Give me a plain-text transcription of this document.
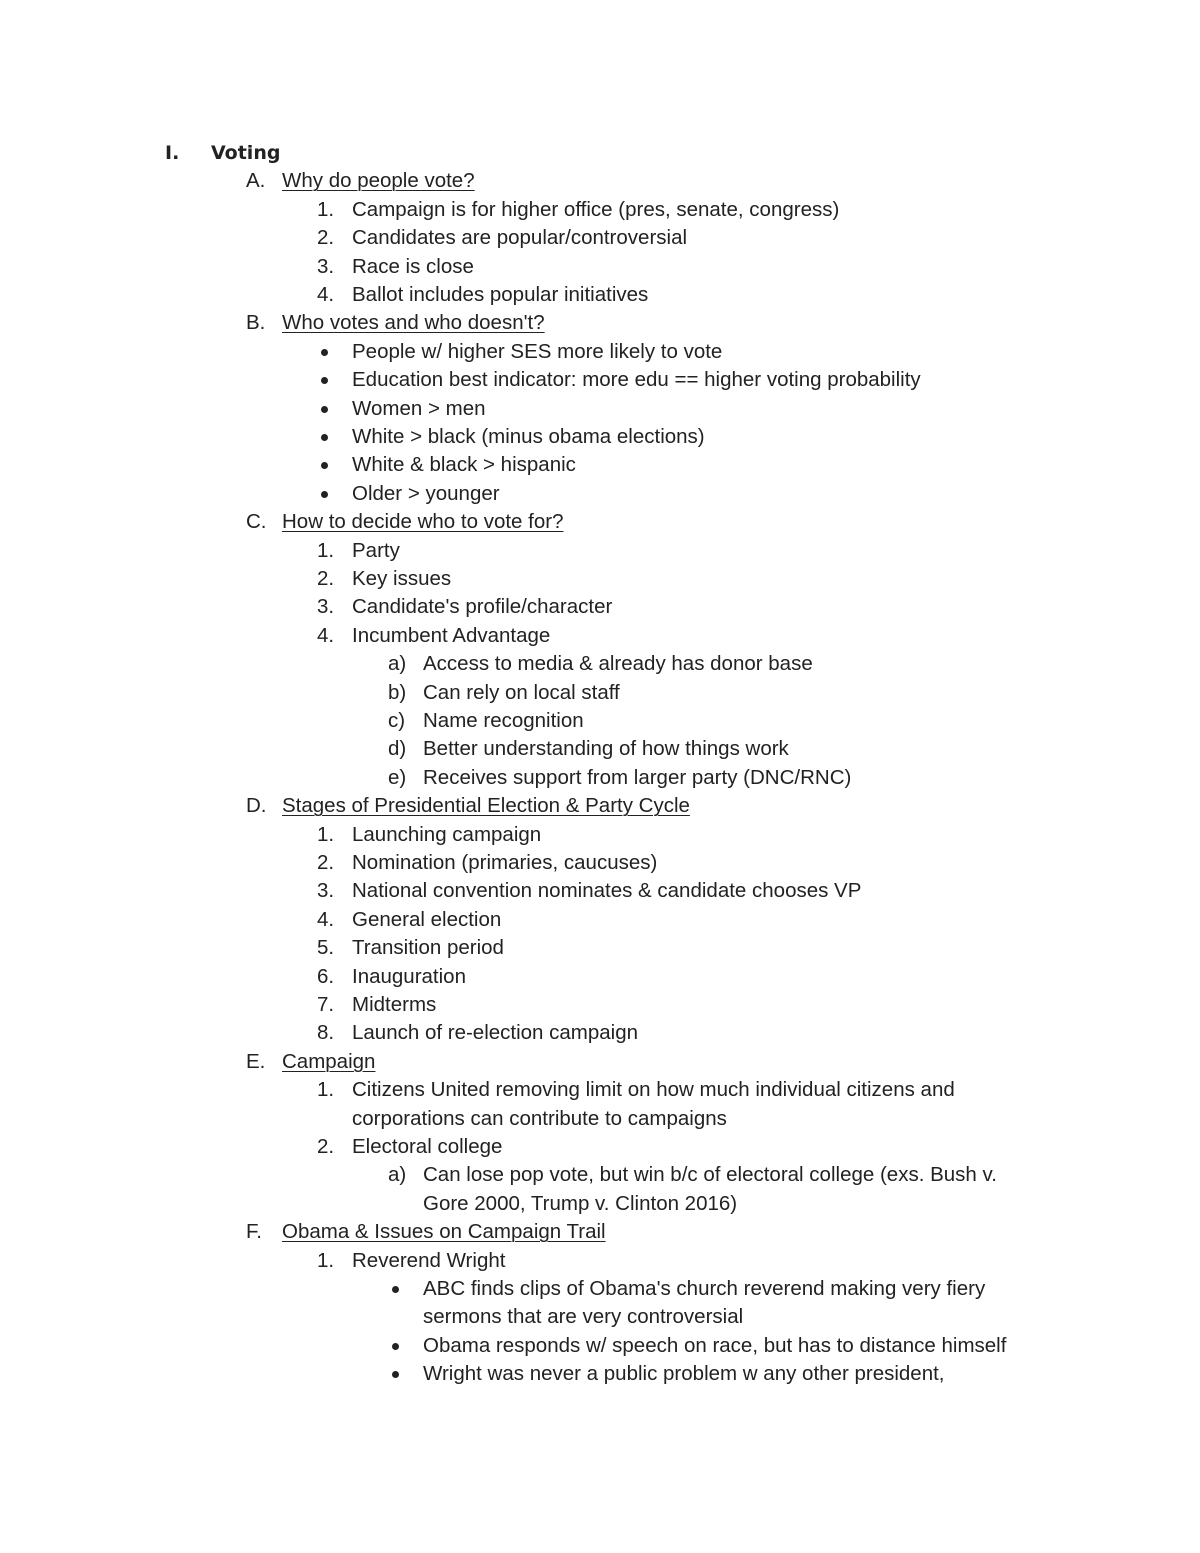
I. Voting
A. Why do people vote?
1. Campaign is for higher office (pres, senate, congress)
2. Candidates are popular/controversial
3. Race is close
4. Ballot includes popular initiatives
B. Who votes and who doesn't?
People w/ higher SES more likely to vote
Education best indicator: more edu == higher voting probability
Women > men
White > black (minus obama elections)
White & black > hispanic
Older > younger
C. How to decide who to vote for?
1. Party
2. Key issues
3. Candidate's profile/character
4. Incumbent Advantage
a) Access to media & already has donor base
b) Can rely on local staff
c) Name recognition
d) Better understanding of how things work
e) Receives support from larger party (DNC/RNC)
D. Stages of Presidential Election & Party Cycle
1. Launching campaign
2. Nomination (primaries, caucuses)
3. National convention nominates & candidate chooses VP
4. General election
5. Transition period
6. Inauguration
7. Midterms
8. Launch of re-election campaign
E. Campaign
1. Citizens United removing limit on how much individual citizens and
corporations can contribute to campaigns
2. Electoral college
a) Can lose pop vote, but win b/c of electoral college (exs. Bush v.
Gore 2000, Trump v. Clinton 2016)
F. Obama & Issues on Campaign Trail
1. Reverend Wright
ABC finds clips of Obama's church reverend making very fiery
sermons that are very controversial
Obama responds w/ speech on race, but has to distance himself
Wright was never a public problem w any other president,
